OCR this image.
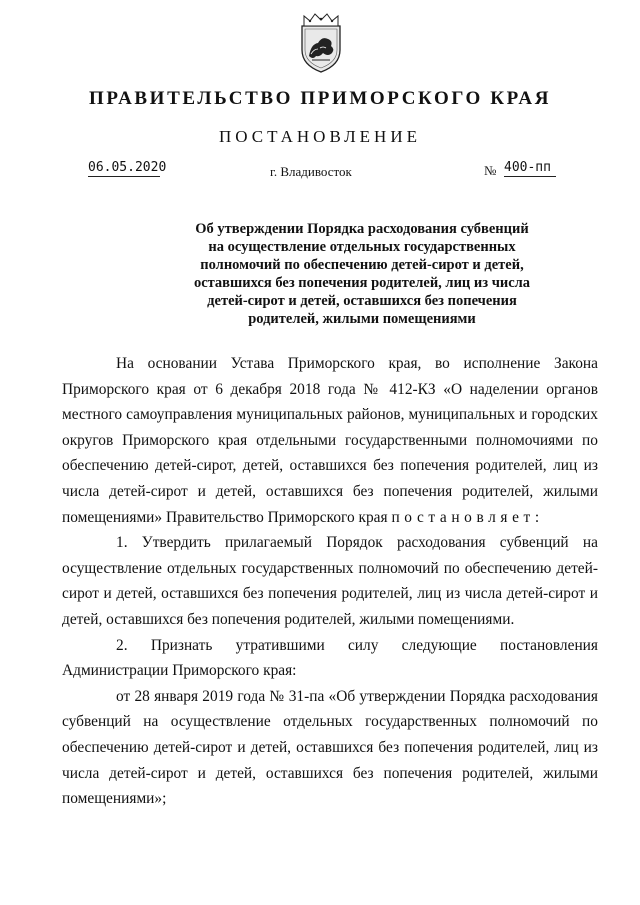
ПРАВИТЕЛЬСТВО ПРИМОРСКОГО КРАЯ
ПОСТАНОВЛЕНИЕ
06.05.2020	г. Владивосток	№ 400-пп
Об утверждении Порядка расходования субвенций
на осуществление отдельных государственных
полномочий по обеспечению детей-сирот и детей,
оставшихся без попечения родителей, лиц из числа
детей-сирот и детей, оставшихся без попечения
родителей, жилыми помещениями

На основании Устава Приморского края, во исполнение Закона Приморского края от 6 декабря 2018 года № 412-КЗ «О наделении органов местного самоуправления муниципальных районов, муниципальных и городских округов Приморского края отдельными государственными полномочиями по обеспечению детей-сирот, детей, оставшихся без попечения родителей, лиц из числа детей-сирот и детей, оставшихся без попечения родителей, жилыми помещениями» Правительство Приморского края постановляет:

1. Утвердить прилагаемый Порядок расходования субвенций на осуществление отдельных государственных полномочий по обеспечению детей-сирот и детей, оставшихся без попечения родителей, лиц из числа детей-сирот и детей, оставшихся без попечения родителей, жилыми помещениями.

2. Признать утратившими силу следующие постановления Администрации Приморского края:

от 28 января 2019 года № 31-па «Об утверждении Порядка расходования субвенций на осуществление отдельных государственных полномочий по обеспечению детей-сирот и детей, оставшихся без попечения родителей, лиц из числа детей-сирот и детей, оставшихся без попечения родителей, жилыми помещениями»;
